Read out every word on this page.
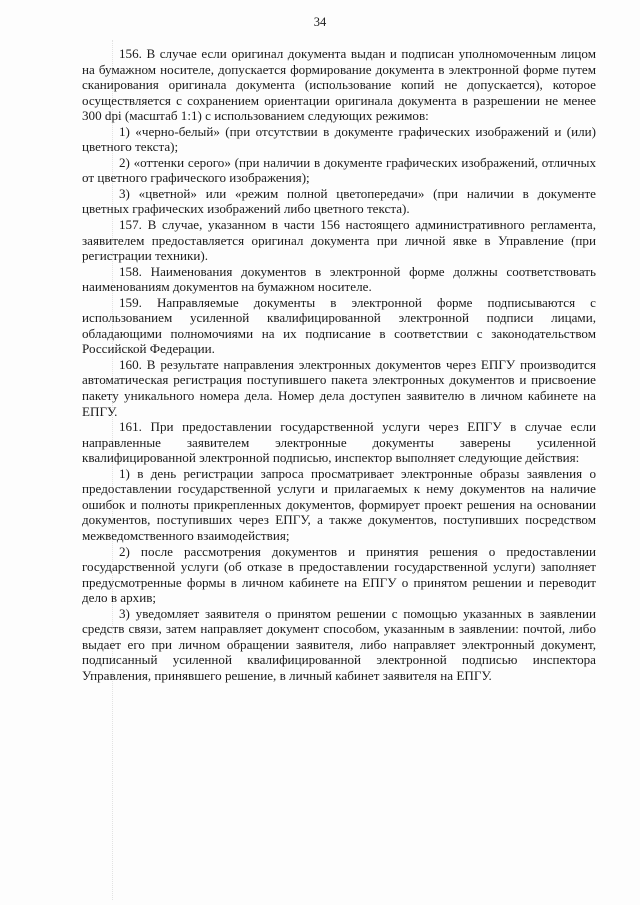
34

156. В случае если оригинал документа выдан и подписан уполномоченным лицом на бумажном носителе, допускается формирование документа в электронной форме путем сканирования оригинала документа (использование копий не допускается), которое осуществляется с сохранением ориентации оригинала документа в разрешении не менее 300 dpi (масштаб 1:1) с использованием следующих режимов:

1) «черно-белый» (при отсутствии в документе графических изображений и (или) цветного текста);

2) «оттенки серого» (при наличии в документе графических изображений, отличных от цветного графического изображения);

3) «цветной» или «режим полной цветопередачи» (при наличии в документе цветных графических изображений либо цветного текста).

157. В случае, указанном в части 156 настоящего административного регламента, заявителем предоставляется оригинал документа при личной явке в Управление (при регистрации техники).

158. Наименования документов в электронной форме должны соответствовать наименованиям документов на бумажном носителе.

159. Направляемые документы в электронной форме подписываются с использованием усиленной квалифицированной электронной подписи лицами, обладающими полномочиями на их подписание в соответствии с законодательством Российской Федерации.

160. В результате направления электронных документов через ЕПГУ производится автоматическая регистрация поступившего пакета электронных документов и присвоение пакету уникального номера дела. Номер дела доступен заявителю в личном кабинете на ЕПГУ.

161. При предоставлении государственной услуги через ЕПГУ в случае если направленные заявителем электронные документы заверены усиленной квалифицированной электронной подписью, инспектор выполняет следующие действия:

1) в день регистрации запроса просматривает электронные образы заявления о предоставлении государственной услуги и прилагаемых к нему документов на наличие ошибок и полноты прикрепленных документов, формирует проект решения на основании документов, поступивших через ЕПГУ, а также документов, поступивших посредством межведомственного взаимодействия;

2) после рассмотрения документов и принятия решения о предоставлении государственной услуги (об отказе в предоставлении государственной услуги) заполняет предусмотренные формы в личном кабинете на ЕПГУ о принятом решении и переводит дело в архив;

3) уведомляет заявителя о принятом решении с помощью указанных в заявлении средств связи, затем направляет документ способом, указанным в заявлении: почтой, либо выдает его при личном обращении заявителя, либо направляет электронный документ, подписанный усиленной квалифицированной электронной подписью инспектора Управления, принявшего решение, в личный кабинет заявителя на ЕПГУ.
